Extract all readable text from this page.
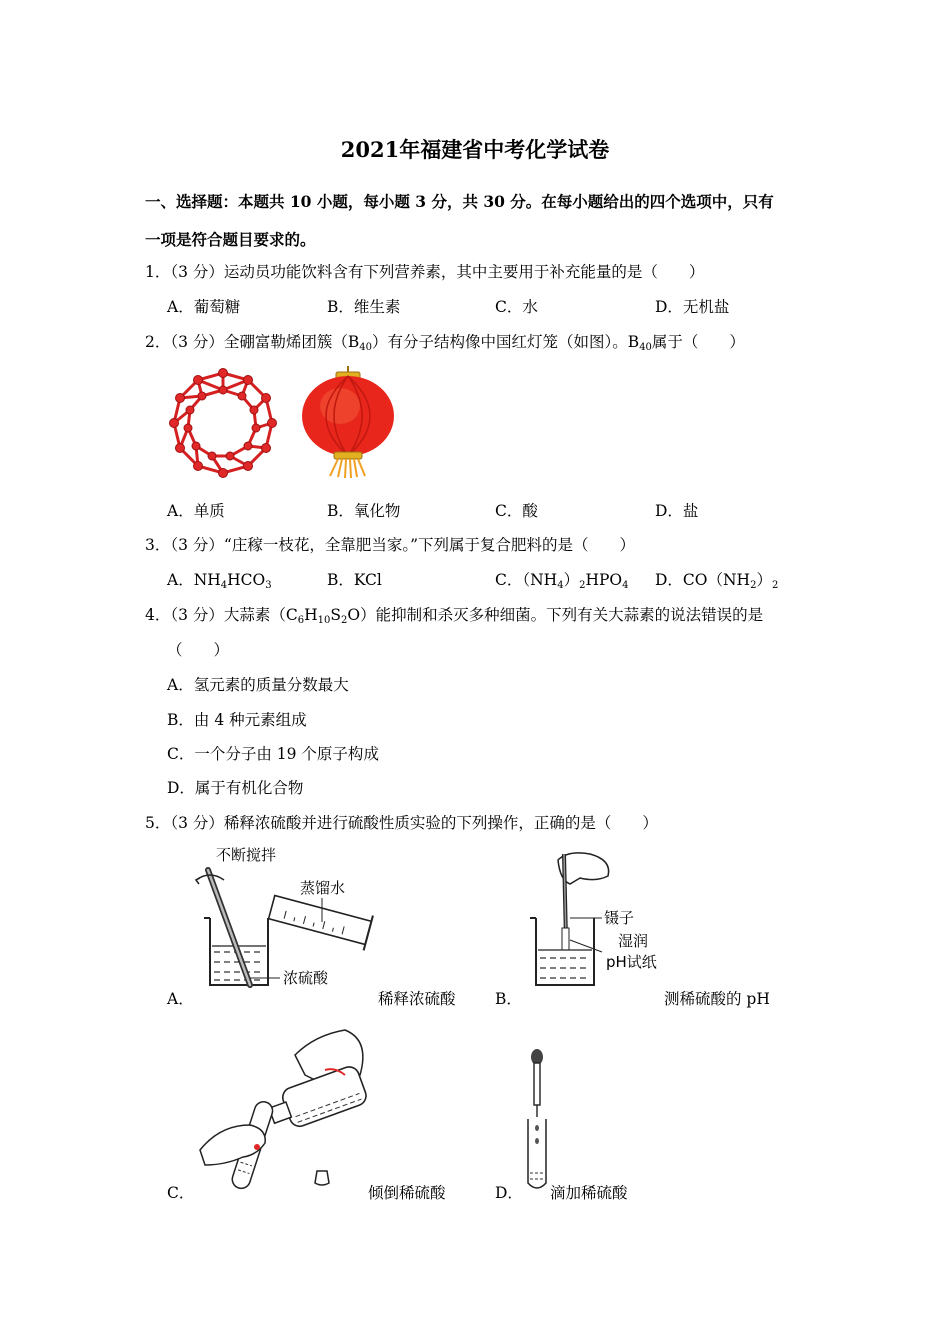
2021年福建省中考化学试卷
一、选择题：本题共 10 小题，每小题 3 分，共 30 分。在每小题给出的四个选项中，只有
一项是符合题目要求的。
1．（3 分）运动员功能饮料含有下列营养素，其中主要用于补充能量的是（　　）
A．葡萄糖	B．维生素	C．水	D．无机盐
2．（3 分）全硼富勒烯团簇$(B_{40})$有分子结构像中国红灯笼（如图）。$B_{40}$属于（　　）
A．单质	B．氧化物	C．酸	D．盐
3．（3 分）“庄稼一枝花，全靠肥当家。”下列属于复合肥料的是（　　）
A．$NH_4HCO_3$	B．KCl	C．$(NH_4)_2HPO_4$ D．$CO(NH_2)_2$
4．（3 分）大蒜素$(C_6H_{10}S_2O)$能抑制和杀灭多种细菌。下列有关大蒜素的说法错误的是
（　　）
A．氢元素的质量分数最大
B．由 4 种元素组成
C．一个分子由 19 个原子构成
D．属于有机化合物
5．（3 分）稀释浓硫酸并进行硫酸性质实验的下列操作，正确的是（　　）
不断搅拌
蒸馏水
浓硫酸
A．	稀释浓硫酸
镊子
湿润
pH试纸
B．	测稀硫酸的 pH
C．	倾倒稀硫酸	D． 滴加稀硫酸
